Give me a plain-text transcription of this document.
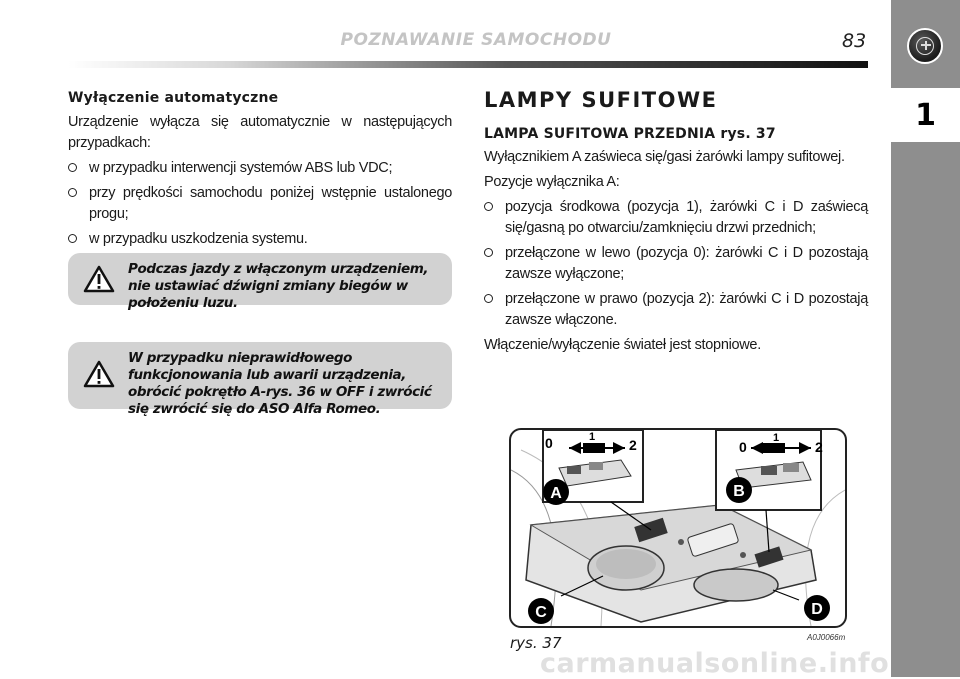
1
POZNAWANIE SAMOCHODU	83
Wyłączenie automatyczne

Urządzenie wyłącza się automatycznie w następujących przypadkach:

w przypadku interwencji systemów ABS lub VDC;
przy prędkości samochodu poniżej wstępnie ustalonego progu;
w przypadku uszkodzenia systemu.
Podczas jazdy z włączonym urządzeniem, nie ustawiać dźwigni zmiany biegów w położeniu luzu.
W przypadku nieprawidłowego funkcjonowania lub awarii urządzenia, obrócić pokrętło A-rys. 36 w OFF i zwrócić się zwrócić się do ASO Alfa Romeo.
LAMPY SUFITOWE
LAMPA SUFITOWA PRZEDNIA rys. 37

Wyłącznikiem A zaświeca się/gasi żarówki lampy sufitowej.

Pozycje wyłącznika A:

pozycja środkowa (pozycja 1), żarówki C i D zaświecą się/gasną po otwarciu/zamknięciu drzwi przednich;
przełączone w lewo (pozycja 0): żarówki C i D pozostają zawsze wyłączone;
przełączone w prawo (pozycja 2): żarówki C i D pozostają zawsze włączone.

Włączenie/wyłączenie świateł jest stopniowe.

0	1 2	0
1
2
A	B
C	D
rys. 37	A0J0066m
carmanualsonline.info
